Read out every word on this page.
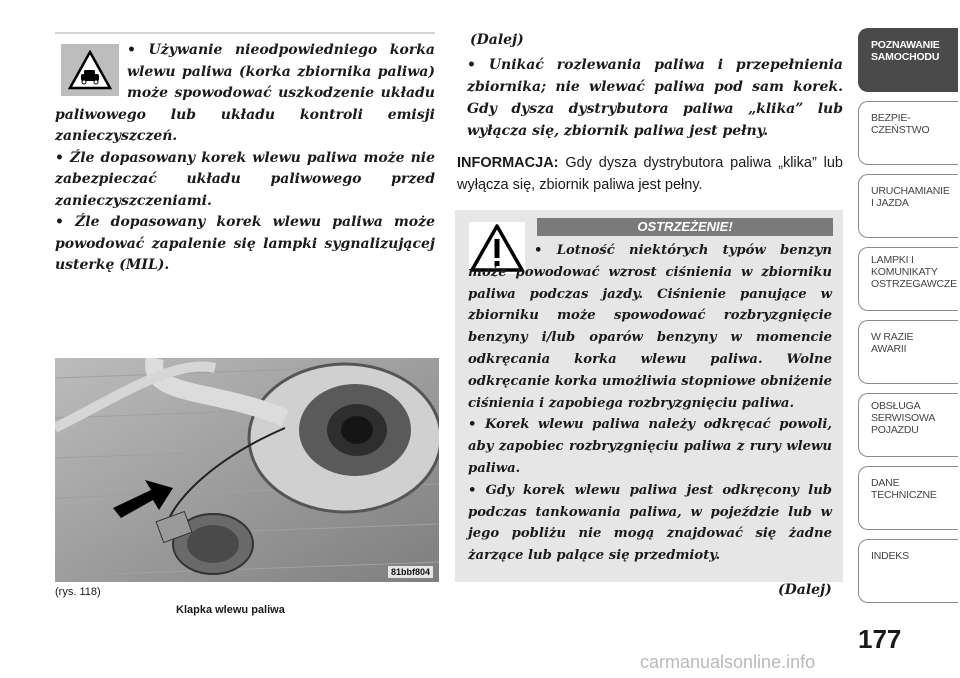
• Używanie nieodpowiedniego korka

wlewu paliwa (korka zbiornika paliwa)

może spowodować uszkodzenie układu

paliwowego lub układu kontroli emisji

zanieczyszczeń.

• Źle dopasowany korek wlewu paliwa może nie zabezpieczać układu paliwowego przed zanieczyszczeniami.

• Źle dopasowany korek wlewu paliwa może powodować zapalenie się lampki sygnalizującej usterkę (MIL).

81bbf804
(rys. 118)
Klapka wlewu paliwa
(Dalej)

• Unikać rozlewania paliwa i przepełnienia zbiornika; nie wlewać paliwa pod sam korek. Gdy dysza dystrybutora paliwa „klika” lub wyłącza się, zbiornik paliwa jest pełny.

INFORMACJA: Gdy dysza dystrybutora paliwa „klika” lub wyłącza się, zbiornik paliwa jest pełny.

OSTRZEŻENIE!

• Lotność niektórych typów benzyn może powodować wzrost ciśnienia w zbiorniku paliwa podczas jazdy. Ciśnienie panujące w zbiorniku może spowodować rozbryzgnięcie benzyny i/lub oparów benzyny w momencie odkręcania korka wlewu paliwa. Wolne odkręcanie korka umożliwia stopniowe obniżenie ciśnienia i zapobiega rozbryzgnięciu paliwa.

• Korek wlewu paliwa należy odkręcać powoli, aby zapobiec rozbryzgnięciu paliwa z rury wlewu paliwa.

• Gdy korek wlewu paliwa jest odkręcony lub podczas tankowania paliwa, w pojeździe lub w jego pobliżu nie mogą znajdować się żadne żarzące lub palące się przedmioty.

(Dalej)
POZNAWANIE
SAMOCHODU
BEZPIE-
CZEŃSTWO
URUCHAMIANIE
I JAZDA
LAMPKI I
KOMUNIKATY
OSTRZEGAWCZE
W RAZIE
AWARII
OBSŁUGA
SERWISOWA
POJAZDU
DANE
TECHNICZNE
INDEKS
177
carmanualsonline.info
